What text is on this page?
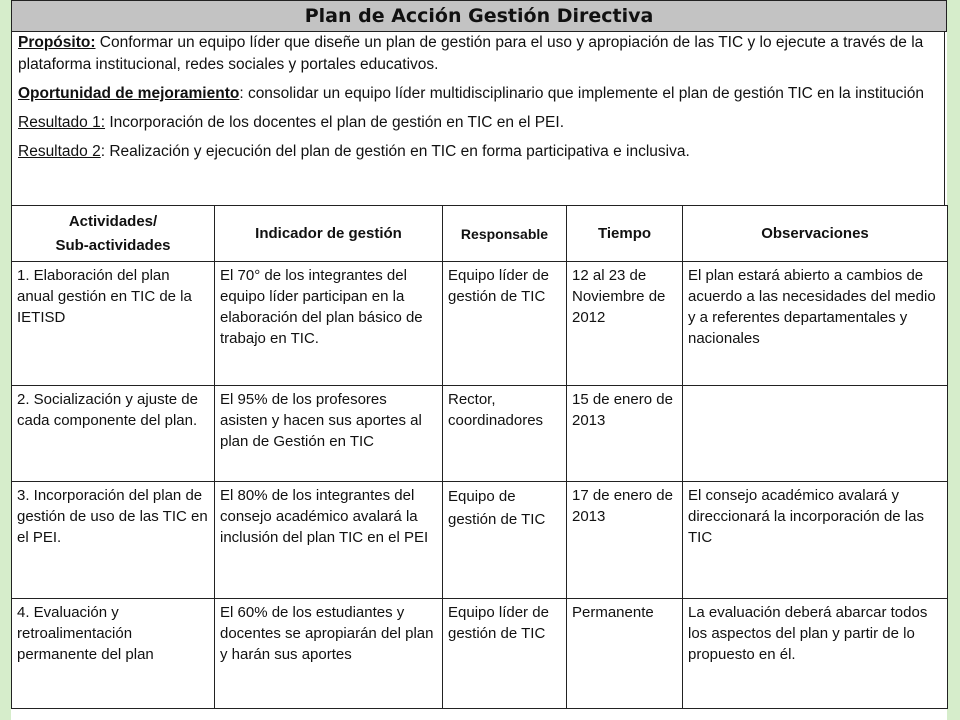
Plan de Acción Gestión Directiva

Propósito: Conformar un equipo líder que diseñe un plan de gestión para el uso y apropiación de las TIC y lo ejecute a través de la plataforma institucional, redes sociales y portales educativos.

Oportunidad de mejoramiento: consolidar un equipo líder multidisciplinario que implemente el plan de gestión TIC en la institución

Resultado 1: Incorporación de los docentes el plan de gestión en TIC en el PEI.

Resultado 2: Realización y ejecución del plan de gestión en TIC en forma participativa e inclusiva.

Actividades/
Sub-actividades	Indicador de gestión	Responsable	Tiempo	Observaciones
1. Elaboración del plan anual gestión en TIC de la IETISD	El 70° de los integrantes del equipo líder participan en la elaboración del plan básico de trabajo en TIC.	Equipo líder de gestión de TIC	12 al 23 de Noviembre de 2012	El plan estará abierto a cambios de acuerdo a las necesidades del medio y a referentes departamentales y nacionales
2. Socialización y ajuste de cada componente del plan.	El 95% de los profesores asisten y hacen sus aportes al plan de Gestión en TIC	Rector, coordinadores	15 de enero de 2013	
3. Incorporación del plan de gestión de uso de las TIC en el PEI.	El 80% de los integrantes del consejo académico avalará la inclusión del plan TIC en el PEI	Equipo de
gestión de TIC	17 de enero de 2013	El consejo académico avalará y direccionará la incorporación de las TIC
4. Evaluación y retroalimentación permanente del plan	El 60% de los estudiantes y docentes se apropiarán del plan y harán sus aportes	Equipo líder de gestión de TIC	Permanente	La evaluación deberá abarcar todos los aspectos del plan y partir de lo propuesto en él.
